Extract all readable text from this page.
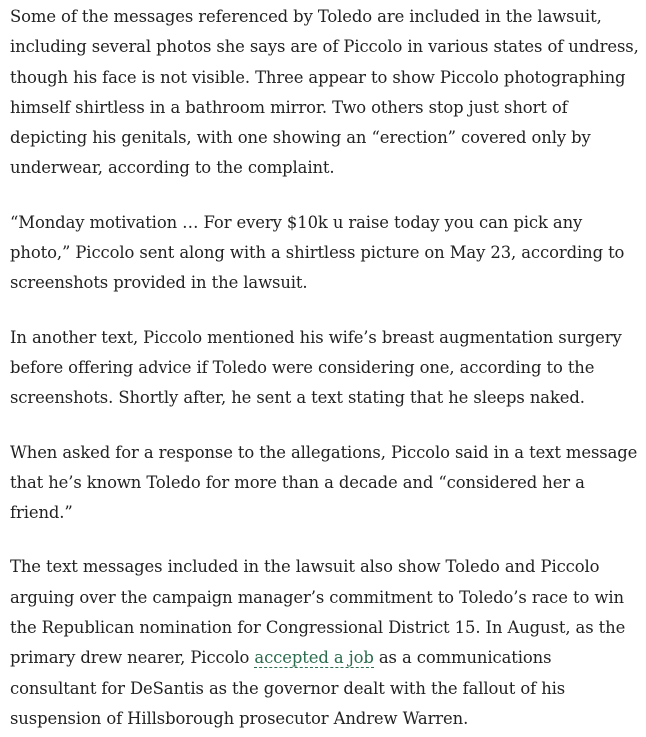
Some of the messages referenced by Toledo are included in the lawsuit, including several photos she says are of Piccolo in various states of undress, though his face is not visible. Three appear to show Piccolo photographing himself shirtless in a bathroom mirror. Two others stop just short of depicting his genitals, with one showing an “erection” covered only by underwear, according to the complaint.

“Monday motivation … For every $10k u raise today you can pick any photo,” Piccolo sent along with a shirtless picture on May 23, according to screenshots provided in the lawsuit.

In another text, Piccolo mentioned his wife’s breast augmentation surgery before offering advice if Toledo were considering one, according to the screenshots. Shortly after, he sent a text stating that he sleeps naked.

When asked for a response to the allegations, Piccolo said in a text message that he’s known Toledo for more than a decade and “considered her a friend.”

The text messages included in the lawsuit also show Toledo and Piccolo arguing over the campaign manager’s commitment to Toledo’s race to win the Republican nomination for Congressional District 15. In August, as the primary drew nearer, Piccolo accepted a job as a communications consultant for DeSantis as the governor dealt with the fallout of his suspension of Hillsborough prosecutor Andrew Warren.
